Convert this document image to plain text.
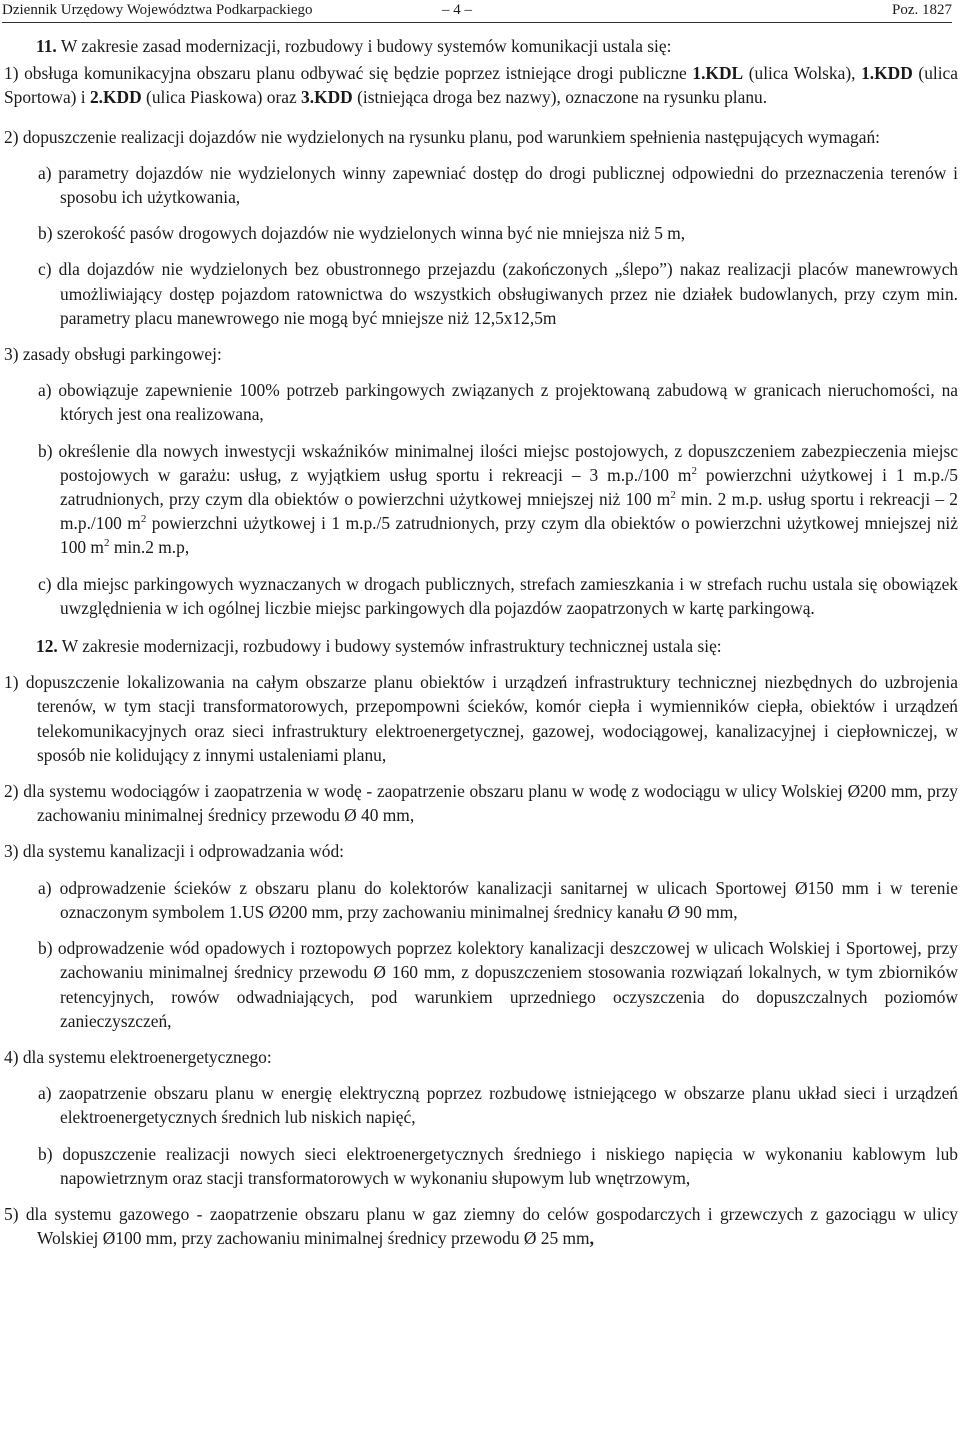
Dziennik Urzędowy Województwa Podkarpackiego	– 4 –	Poz. 1827

11. W zakresie zasad modernizacji, rozbudowy i budowy systemów komunikacji ustala się:

1) obsługa komunikacyjna obszaru planu odbywać się będzie poprzez istniejące drogi publiczne 1.KDL (ulica Wolska), 1.KDD (ulica Sportowa) i 2.KDD (ulica Piaskowa) oraz 3.KDD (istniejąca droga bez nazwy), oznaczone na rysunku planu.

2) dopuszczenie realizacji dojazdów nie wydzielonych na rysunku planu, pod warunkiem spełnienia następujących wymagań:

a) parametry dojazdów nie wydzielonych winny zapewniać dostęp do drogi publicznej odpowiedni do przeznaczenia terenów i sposobu ich użytkowania,

b) szerokość pasów drogowych dojazdów nie wydzielonych winna być nie mniejsza niż 5 m,

c) dla dojazdów nie wydzielonych bez obustronnego przejazdu (zakończonych „ślepo”) nakaz realizacji placów manewrowych umożliwiający dostęp pojazdom ratownictwa do wszystkich obsługiwanych przez nie działek budowlanych, przy czym min. parametry placu manewrowego nie mogą być mniejsze niż 12,5x12,5m

3) zasady obsługi parkingowej:

a) obowiązuje zapewnienie 100% potrzeb parkingowych związanych z projektowaną zabudową w granicach nieruchomości, na których jest ona realizowana,

b) określenie dla nowych inwestycji wskaźników minimalnej ilości miejsc postojowych, z dopuszczeniem zabezpieczenia miejsc postojowych w garażu: usług, z wyjątkiem usług sportu i rekreacji – 3 m.p./100 $m^2$ powierzchni użytkowej i 1 m.p./5 zatrudnionych, przy czym dla obiektów o powierzchni użytkowej mniejszej niż 100 $m^2$ min. 2 m.p. usług sportu i rekreacji – 2 m.p./100 $m^2$ powierzchni użytkowej i 1 m.p./5 zatrudnionych, przy czym dla obiektów o powierzchni użytkowej mniejszej niż 100 $m^2$ min.2 m.p,

c) dla miejsc parkingowych wyznaczanych w drogach publicznych, strefach zamieszkania i w strefach ruchu ustala się obowiązek uwzględnienia w ich ogólnej liczbie miejsc parkingowych dla pojazdów zaopatrzonych w kartę parkingową.

12. W zakresie modernizacji, rozbudowy i budowy systemów infrastruktury technicznej ustala się:

1) dopuszczenie lokalizowania na całym obszarze planu obiektów i urządzeń infrastruktury technicznej niezbędnych do uzbrojenia terenów, w tym stacji transformatorowych, przepompowni ścieków, komór ciepła i wymienników ciepła, obiektów i urządzeń telekomunikacyjnych oraz sieci infrastruktury elektroenergetycznej, gazowej, wodociągowej, kanalizacyjnej i ciepłowniczej, w sposób nie kolidujący z innymi ustaleniami planu,

2) dla systemu wodociągów i zaopatrzenia w wodę - zaopatrzenie obszaru planu w wodę z wodociągu w ulicy Wolskiej Ø200 mm, przy zachowaniu minimalnej średnicy przewodu Ø 40 mm,

3) dla systemu kanalizacji i odprowadzania wód:

a) odprowadzenie ścieków z obszaru planu do kolektorów kanalizacji sanitarnej w ulicach Sportowej Ø150 mm i w terenie oznaczonym symbolem 1.US Ø200 mm, przy zachowaniu minimalnej średnicy kanału Ø 90 mm,

b) odprowadzenie wód opadowych i roztopowych poprzez kolektory kanalizacji deszczowej w ulicach Wolskiej i Sportowej, przy zachowaniu minimalnej średnicy przewodu Ø 160 mm, z dopuszczeniem stosowania rozwiązań lokalnych, w tym zbiorników retencyjnych, rowów odwadniających, pod warunkiem uprzedniego oczyszczenia do dopuszczalnych poziomów zanieczyszczeń,

4) dla systemu elektroenergetycznego:

a) zaopatrzenie obszaru planu w energię elektryczną poprzez rozbudowę istniejącego w obszarze planu układ sieci i urządzeń elektroenergetycznych średnich lub niskich napięć,

b) dopuszczenie realizacji nowych sieci elektroenergetycznych średniego i niskiego napięcia w wykonaniu kablowym lub napowietrznym oraz stacji transformatorowych w wykonaniu słupowym lub wnętrzowym,

5) dla systemu gazowego - zaopatrzenie obszaru planu w gaz ziemny do celów gospodarczych i grzewczych z gazociągu w ulicy Wolskiej Ø100 mm, przy zachowaniu minimalnej średnicy przewodu Ø 25 mm,
